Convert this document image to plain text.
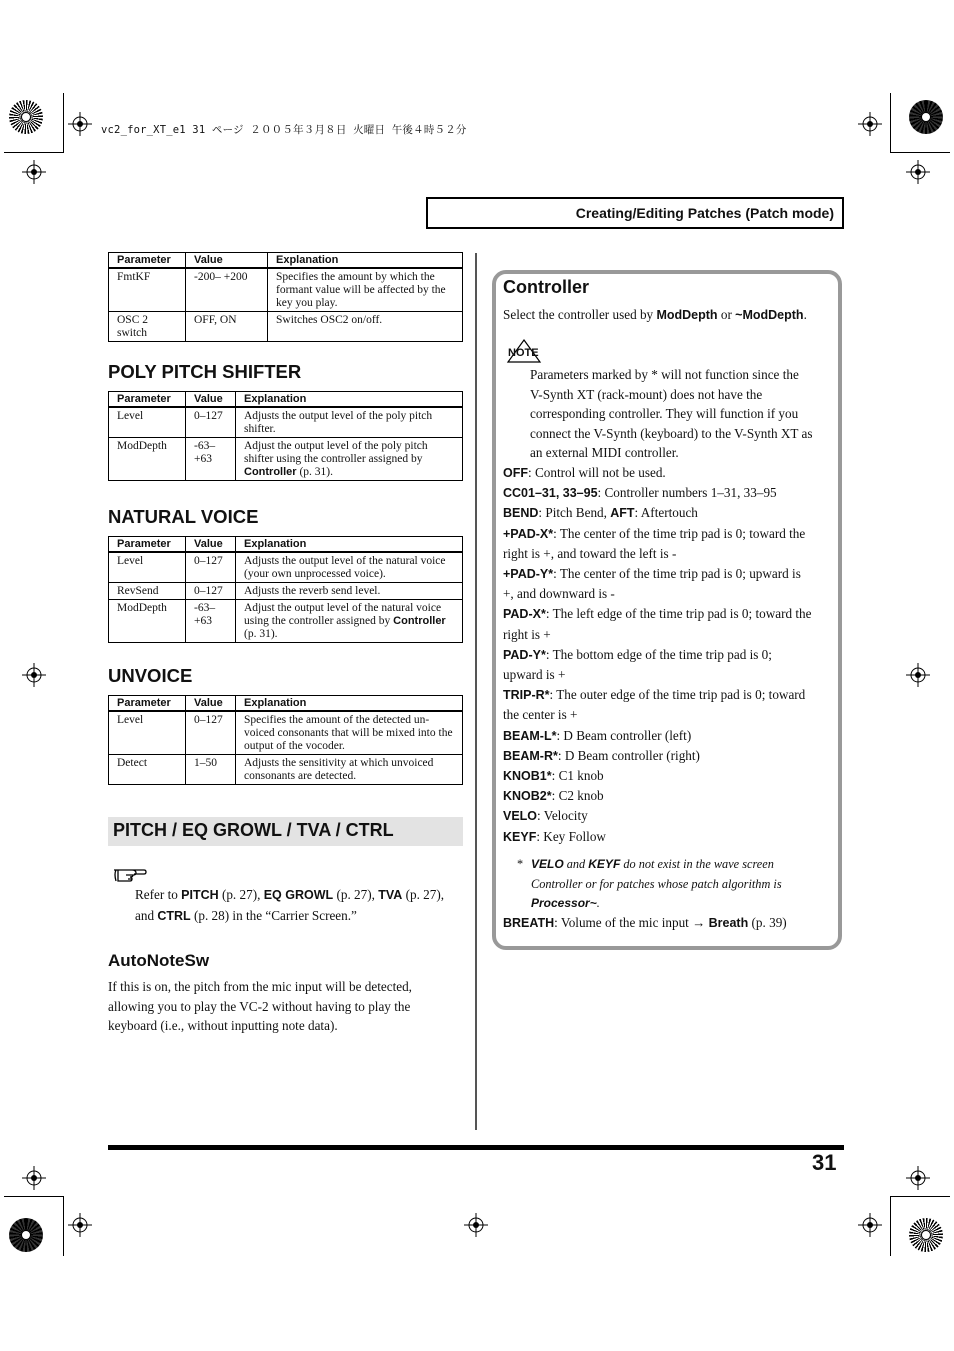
vc2_for_XT_e1 31 ページ ２００５年３月８日 火曜日 午後４時５２分
Creating/Editing Patches (Patch mode)
Parameter	Value	Explanation
FmtKF	-200– +200	Specifies the amount by which the formant value will be affected by the key you play.
OSC 2 switch	OFF, ON	Switches OSC2 on/off.
POLY PITCH SHIFTER
Parameter	Value	Explanation
Level	0–127	Adjusts the output level of the poly pitch shifter.
ModDepth	-63– +63	Adjust the output level of the poly pitch shifter using the controller assigned by Controller (p. 31).
NATURAL VOICE
Parameter	Value	Explanation
Level	0–127	Adjusts the output level of the natural voice (your own unprocessed voice).
RevSend	0–127	Adjusts the reverb send level.
ModDepth	-63– +63	Adjust the output level of the natural voice using the controller assigned by Controller (p. 31).
UNVOICE
Parameter	Value	Explanation
Level	0–127	Specifies the amount of the detected un-voiced consonants that will be mixed into the output of the vocoder.
Detect	1–50	Adjusts the sensitivity at which unvoiced consonants are detected.
PITCH / EQ GROWL / TVA / CTRL
Refer to PITCH (p. 27), EQ GROWL (p. 27), TVA (p. 27),
and CTRL (p. 28) in the “Carrier Screen.”
AutoNoteSw
If this is on, the pitch from the mic input will be detected,
allowing you to play the VC-2 without having to play the
keyboard (i.e., without inputting note data).
Controller
Select the controller used by ModDepth or ~ModDepth.
NOTE
Parameters marked by * will not function since the
V-Synth XT (rack-mount) does not have the
corresponding controller. They will function if you
connect the V-Synth (keyboard) to the V-Synth XT as
an external MIDI controller.
OFF: Control will not be used.
CC01–31, 33–95: Controller numbers 1–31, 33–95
BEND: Pitch Bend, AFT: Aftertouch
+PAD-X*: The center of the time trip pad is 0; toward the
right is +, and toward the left is -
+PAD-Y*: The center of the time trip pad is 0; upward is
+, and downward is -
PAD-X*: The left edge of the time trip pad is 0; toward the
right is +
PAD-Y*: The bottom edge of the time trip pad is 0;
upward is +
TRIP-R*: The outer edge of the time trip pad is 0; toward
the center is +
BEAM-L*: D Beam controller (left)
BEAM-R*: D Beam controller (right)
KNOB1*: C1 knob
KNOB2*: C2 knob
VELO: Velocity
KEYF: Key Follow
* VELO and KEYF do not exist in the wave screen
Controller or for patches whose patch algorithm is
Processor~.
BREATH: Volume of the mic input → Breath (p. 39)
31
